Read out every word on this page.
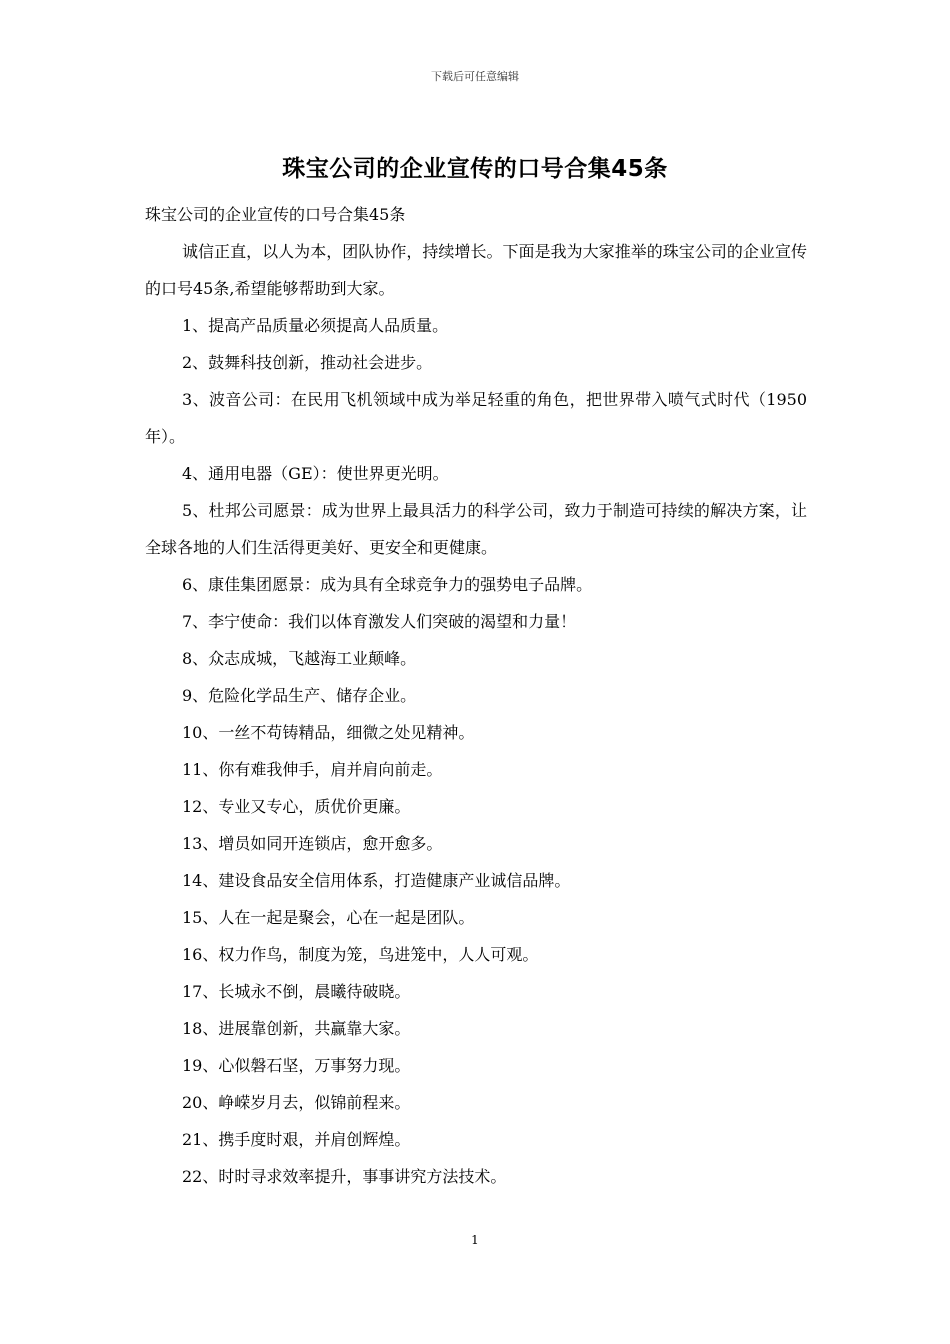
下载后可任意编辑
珠宝公司的企业宣传的口号合集45条

珠宝公司的企业宣传的口号合集45条

诚信正直，以人为本，团队协作，持续增长。下面是我为大家推举的珠宝公司的企业宣传的口号45条,希望能够帮助到大家。

1、提高产品质量必须提高人品质量。

2、鼓舞科技创新，推动社会进步。

3、波音公司：在民用飞机领域中成为举足轻重的角色，把世界带入喷气式时代（1950年）。

4、通用电器（GE）：使世界更光明。

5、杜邦公司愿景：成为世界上最具活力的科学公司，致力于制造可持续的解决方案，让全球各地的人们生活得更美好、更安全和更健康。

6、康佳集团愿景：成为具有全球竞争力的强势电子品牌。

7、李宁使命：我们以体育激发人们突破的渴望和力量！

8、众志成城，飞越海工业颠峰。

9、危险化学品生产、储存企业。

10、一丝不苟铸精品，细微之处见精神。

11、你有难我伸手，肩并肩向前走。

12、专业又专心，质优价更廉。

13、增员如同开连锁店，愈开愈多。

14、建设食品安全信用体系，打造健康产业诚信品牌。

15、人在一起是聚会，心在一起是团队。

16、权力作鸟，制度为笼，鸟进笼中，人人可观。

17、长城永不倒，晨曦待破晓。

18、进展靠创新，共赢靠大家。

19、心似磐石坚，万事努力现。

20、峥嵘岁月去，似锦前程来。

21、携手度时艰，并肩创辉煌。

22、时时寻求效率提升，事事讲究方法技术。

1
